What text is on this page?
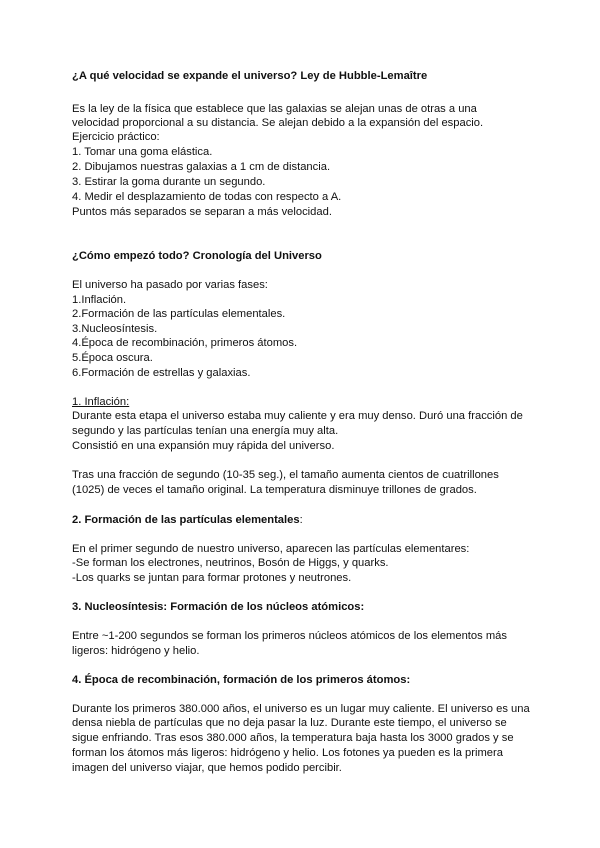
¿A qué velocidad se expande el universo? Ley de Hubble-Lemaître
Es la ley de la física que establece que las galaxias se alejan unas de otras a una
velocidad proporcional a su distancia. Se alejan debido a la expansión del espacio.
Ejercicio práctico:
1. Tomar una goma elástica.
2. Dibujamos nuestras galaxias a 1 cm de distancia.
3. Estirar la goma durante un segundo.
4. Medir el desplazamiento de todas con respecto a A.
Puntos más separados se separan a más velocidad.
¿Cómo empezó todo? Cronología del Universo
El universo ha pasado por varias fases:
1.Inflación.
2.Formación de las partículas elementales.
3.Nucleosíntesis.
4.Época de recombinación, primeros átomos.
5.Época oscura.
6.Formación de estrellas y galaxias.
1. Inflación:
Durante esta etapa el universo estaba muy caliente y era muy denso. Duró una fracción de
segundo y las partículas tenían una energía muy alta.
Consistió en una expansión muy rápida del universo.
Tras una fracción de segundo (10-35 seg.), el tamaño aumenta cientos de cuatrillones
(1025) de veces el tamaño original. La temperatura disminuye trillones de grados.
2. Formación de las partículas elementales:
En el primer segundo de nuestro universo, aparecen las partículas elementares:
-Se forman los electrones, neutrinos, Bosón de Higgs, y quarks.
-Los quarks se juntan para formar protones y neutrones.
3. Nucleosíntesis: Formación de los núcleos atómicos:
Entre ~1-200 segundos se forman los primeros núcleos atómicos de los elementos más
ligeros: hidrógeno y helio.
4. Época de recombinación, formación de los primeros átomos:
Durante los primeros 380.000 años, el universo es un lugar muy caliente. El universo es una
densa niebla de partículas que no deja pasar la luz. Durante este tiempo, el universo se
sigue enfriando. Tras esos 380.000 años, la temperatura baja hasta los 3000 grados y se
forman los átomos más ligeros: hidrógeno y helio. Los fotones ya pueden es la primera
imagen del universo viajar, que hemos podido percibir.
